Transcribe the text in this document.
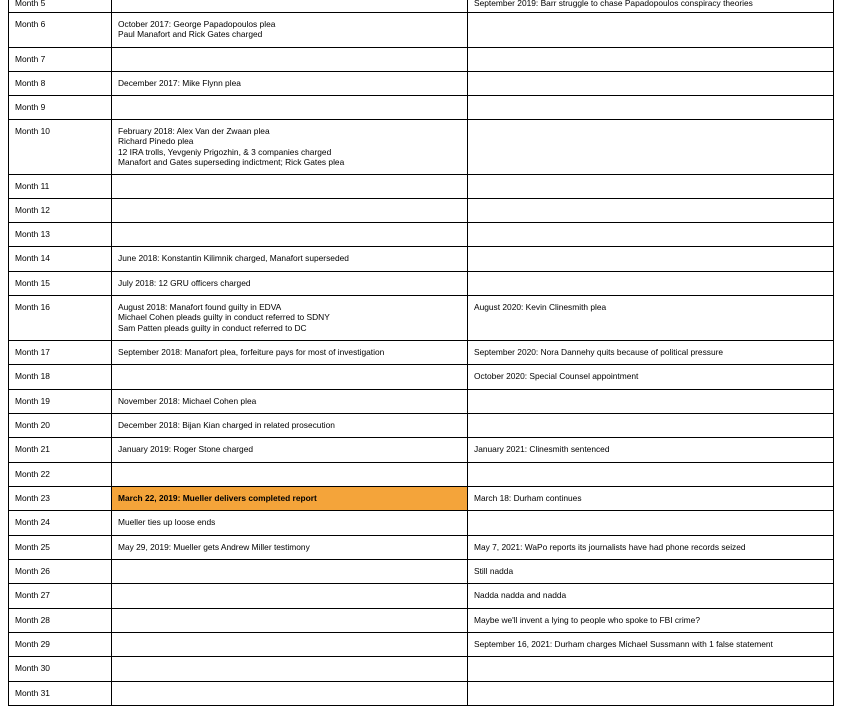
Month 5		September 2019: Barr struggle to chase Papadopoulos conspiracy theories

Month 6	October 2017: George Papadopoulos plea
Paul Manafort and Rick Gates charged	

Month 7		

Month 8	December 2017: Mike Flynn plea	

Month 9		

Month 10	February 2018: Alex Van der Zwaan plea
Richard Pinedo plea
12 IRA trolls, Yevgeniy Prigozhin, & 3 companies charged
Manafort and Gates superseding indictment; Rick Gates plea	

Month 11		

Month 12		

Month 13		

Month 14	June 2018: Konstantin Kilimnik charged, Manafort superseded	

Month 15	July 2018: 12 GRU officers charged	

Month 16	August 2018: Manafort found guilty in EDVA
Michael Cohen pleads guilty in conduct referred to SDNY
Sam Patten pleads guilty in conduct referred to DC	August 2020: Kevin Clinesmith plea

Month 17	September 2018: Manafort plea, forfeiture pays for most of investigation	September 2020: Nora Dannehy quits because of political pressure

Month 18		October 2020: Special Counsel appointment

Month 19	November 2018: Michael Cohen plea	

Month 20	December 2018: Bijan Kian charged in related prosecution	

Month 21	January 2019: Roger Stone charged	January 2021: Clinesmith sentenced

Month 22		

Month 23	March 22, 2019: Mueller delivers completed report	March 18: Durham continues

Month 24	Mueller ties up loose ends	

Month 25	May 29, 2019: Mueller gets Andrew Miller testimony	May 7, 2021: WaPo reports its journalists have had phone records seized

Month 26		Still nadda

Month 27		Nadda nadda and nadda

Month 28		Maybe we'll invent a lying to people who spoke to FBI crime?

Month 29		September 16, 2021: Durham charges Michael Sussmann with 1 false statement

Month 30		

Month 31		
